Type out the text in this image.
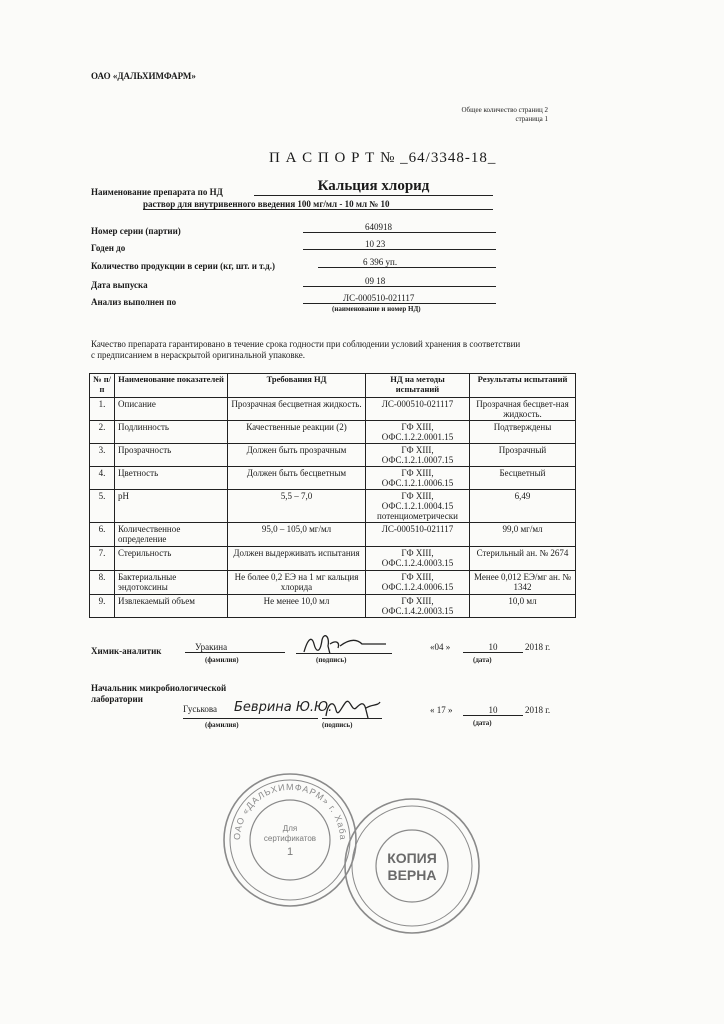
ОАО «ДАЛЬХИМФАРМ»
Общее количество страниц 2
страница 1
П А С П О Р Т № _64/3348-18_
Наименование препарата по НД	Кальция хлорид
раствор для внутривенного введения 100 мг/мл - 10 мл № 10
Номер серии (партии)	640918
Годен до	10 23
Количество продукции в серии (кг, шт. и т.д.)	6 396 уп.
Дата выпуска	09 18
Анализ выполнен по	ЛС-000510-021117
(наименование и номер НД)
Качество препарата гарантировано в течение срока годности при соблюдении условий хранения в соответствии
с предписанием в нераскрытой оригинальной упаковке.
№ п/п	Наименование показателей	Требования НД	НД на методы испытаний	Результаты испытаний
1.	Описание	Прозрачная бесцветная жидкость.	ЛС-000510-021117	Прозрачная бесцвет-ная жидкость.
2.	Подлинность	Качественные реакции (2)	ГФ XIII, ОФС.1.2.2.0001.15	Подтверждены
3.	Прозрачность	Должен быть прозрачным	ГФ XIII, ОФС.1.2.1.0007.15	Прозрачный
4.	Цветность	Должен быть бесцветным	ГФ XIII, ОФС.1.2.1.0006.15	Бесцветный
5.	рН	5,5 – 7,0	ГФ XIII, ОФС.1.2.1.0004.15 потенциометрически	6,49
6.	Количественное определение	95,0 – 105,0 мг/мл	ЛС-000510-021117	99,0 мг/мл
7.	Стерильность	Должен выдерживать испытания	ГФ XIII, ОФС.1.2.4.0003.15	Стерильный ан. № 2674
8.	Бактериальные эндотоксины	Не более 0,2 ЕЭ на 1 мг кальция хлорида	ГФ XIII, ОФС.1.2.4.0006.15	Менее 0,012 ЕЭ/мг ан. № 1342
9.	Извлекаемый объем	Не менее 10,0 мл	ГФ XIII, ОФС.1.4.2.0003.15	10,0 мл
Химик-аналитик	Уракина
(фамилия)	(подпись)
«04 »	10	2018 г.
(дата)
Начальник микробиологической
лаборатории
Гуськова Беврина Ю.Ю.
(фамилия)	(подпись)
« 17 »	10	2018 г.
(дата)
ОАО «ДАЛЬХИМФАРМ» г. Хаба
Для
сертификатов
1	КОПИЯ
ВЕРНА
